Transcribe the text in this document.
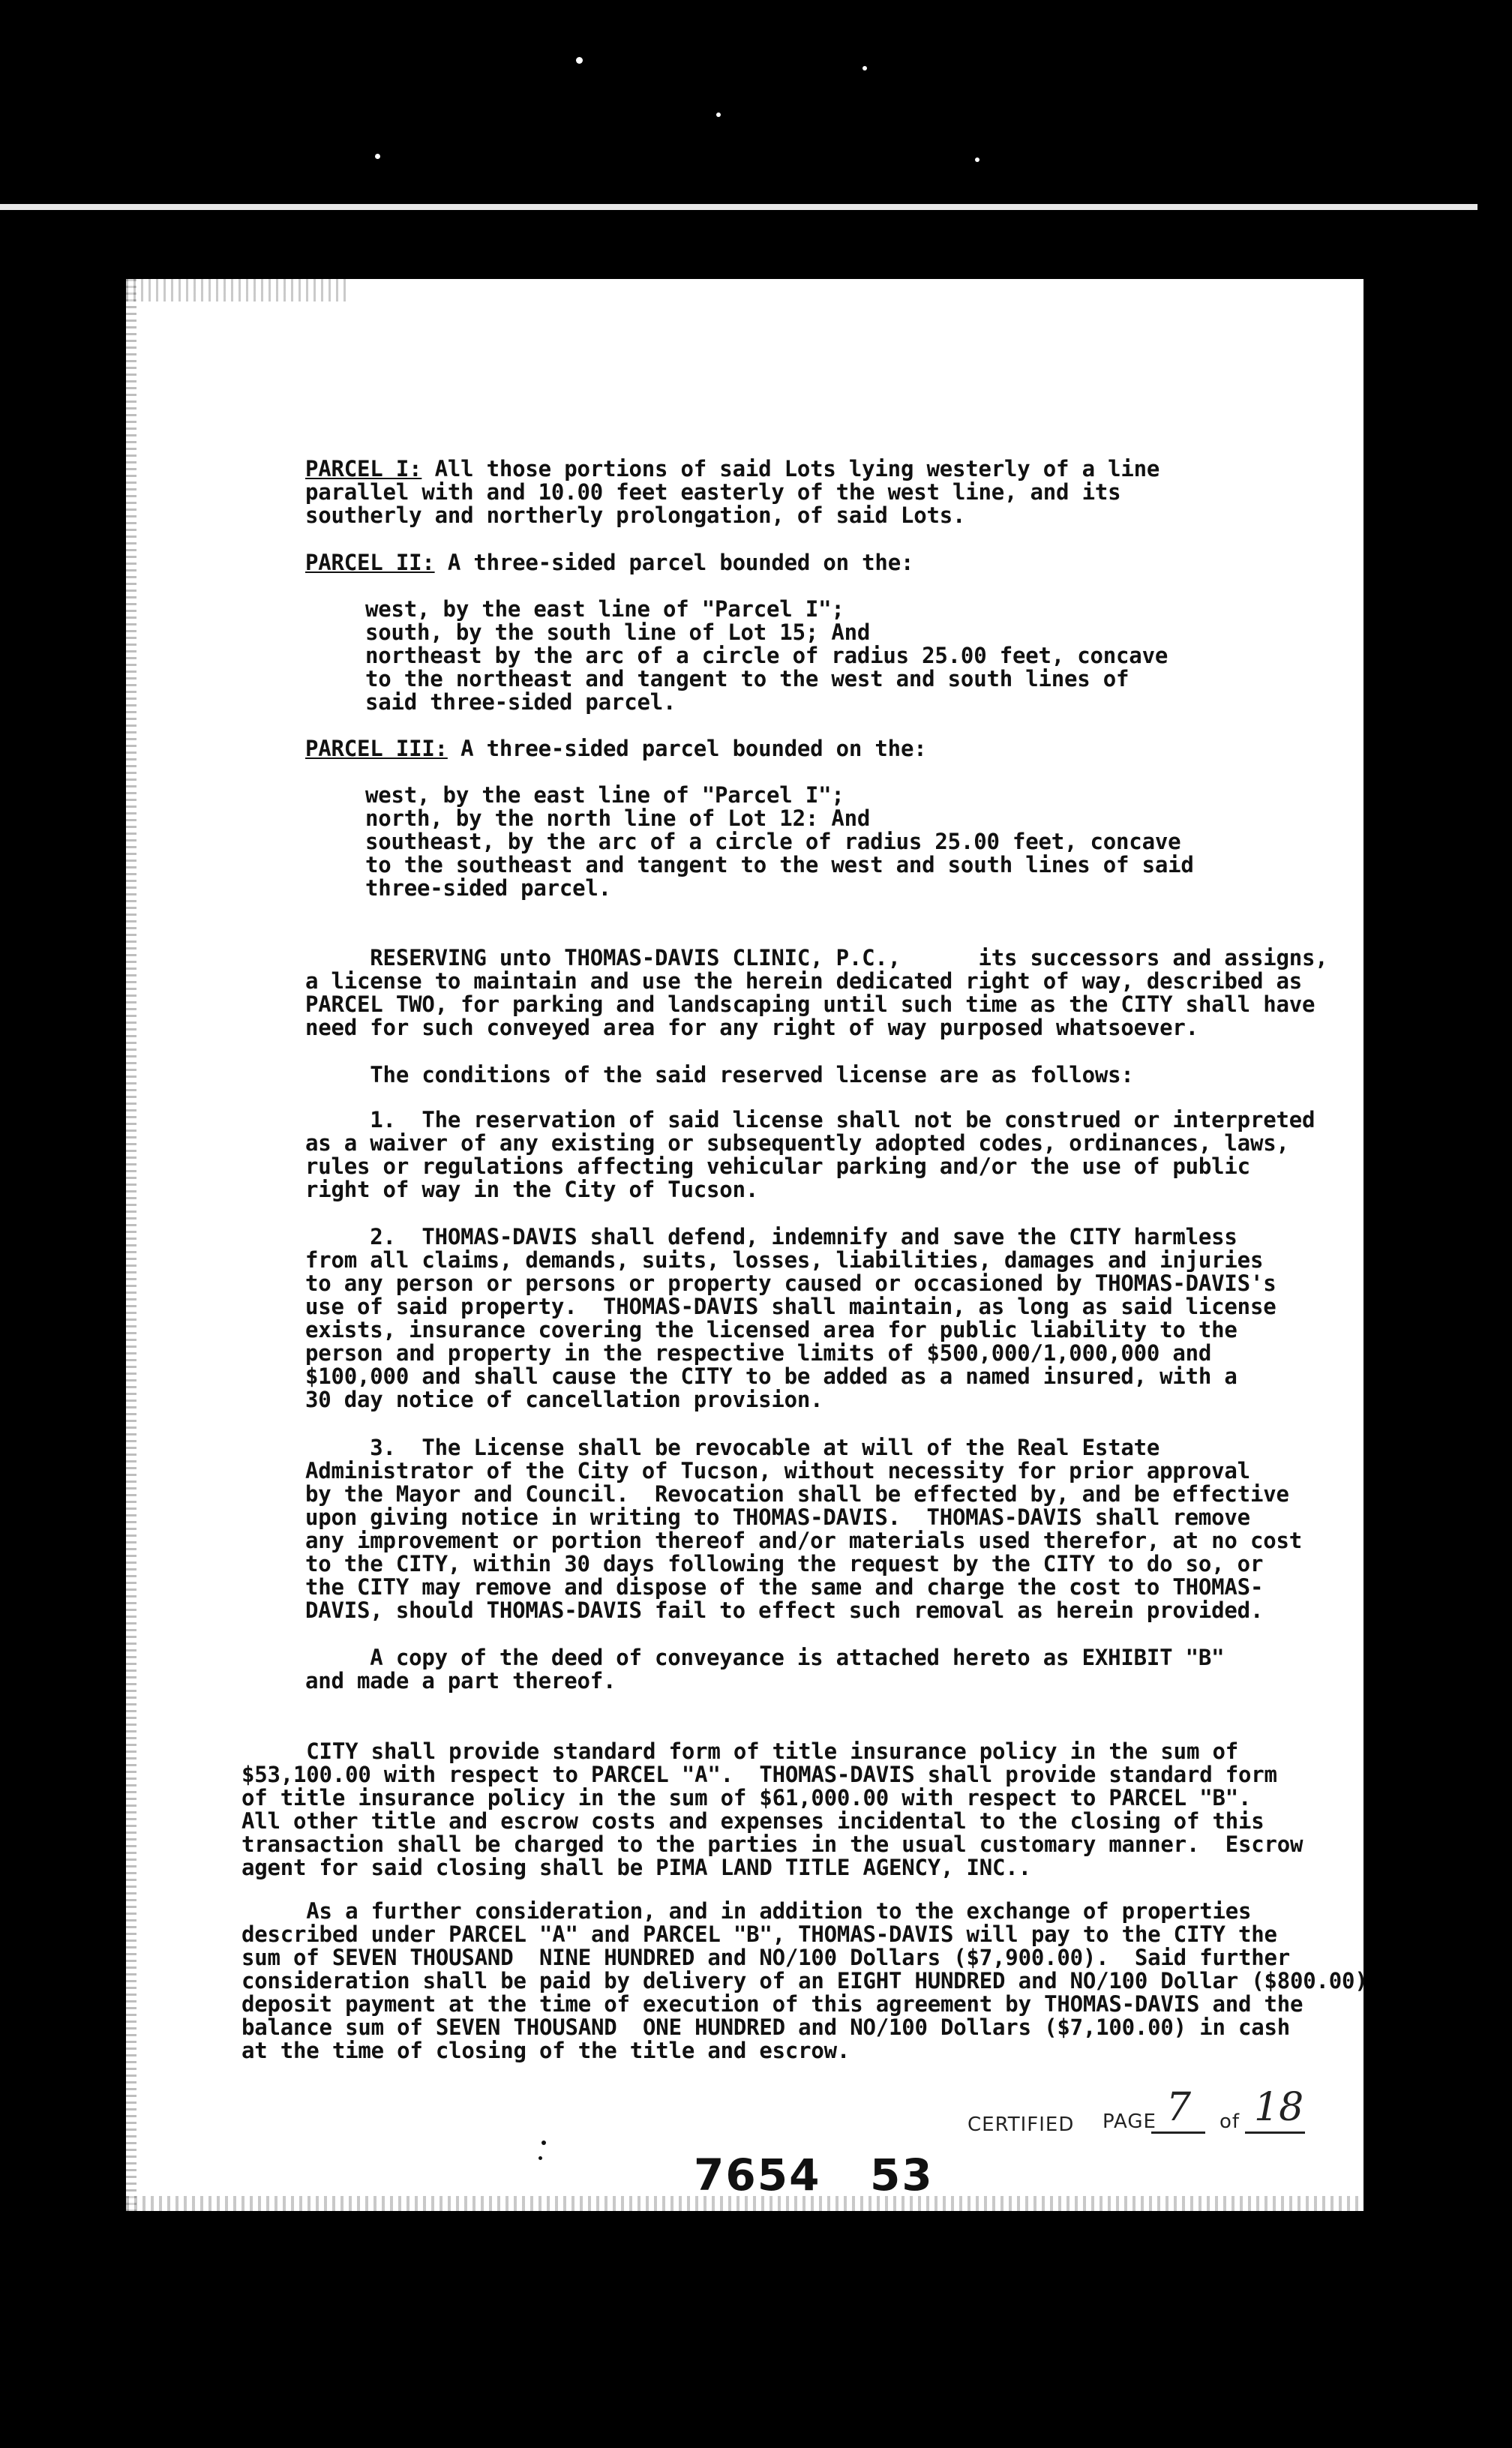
PARCEL I: All those portions of said Lots lying westerly of a line
parallel with and 10.00 feet easterly of the west line, and its
southerly and northerly prolongation, of said Lots.
PARCEL II: A three-sided parcel bounded on the:
west, by the east line of "Parcel I";
south, by the south line of Lot 15; And
northeast by the arc of a circle of radius 25.00 feet, concave
to the northeast and tangent to the west and south lines of
said three-sided parcel.
PARCEL III: A three-sided parcel bounded on the:
west, by the east line of "Parcel I";
north, by the north line of Lot 12: And
southeast, by the arc of a circle of radius 25.00 feet, concave
to the southeast and tangent to the west and south lines of said
three-sided parcel.
RESERVING unto THOMAS-DAVIS CLINIC, P.C.,      its successors and assigns,
a license to maintain and use the herein dedicated right of way, described as
PARCEL TWO, for parking and landscaping until such time as the CITY shall have
need for such conveyed area for any right of way purposed whatsoever.
The conditions of the said reserved license are as follows:
1.  The reservation of said license shall not be construed or interpreted
as a waiver of any existing or subsequently adopted codes, ordinances, laws,
rules or regulations affecting vehicular parking and/or the use of public
right of way in the City of Tucson.
2.  THOMAS-DAVIS shall defend, indemnify and save the CITY harmless
from all claims, demands, suits, losses, liabilities, damages and injuries
to any person or persons or property caused or occasioned by THOMAS-DAVIS's
use of said property.  THOMAS-DAVIS shall maintain, as long as said license
exists, insurance covering the licensed area for public liability to the
person and property in the respective limits of $500,000/1,000,000 and
$100,000 and shall cause the CITY to be added as a named insured, with a
30 day notice of cancellation provision.
3.  The License shall be revocable at will of the Real Estate
Administrator of the City of Tucson, without necessity for prior approval
by the Mayor and Council.  Revocation shall be effected by, and be effective
upon giving notice in writing to THOMAS-DAVIS.  THOMAS-DAVIS shall remove
any improvement or portion thereof and/or materials used therefor, at no cost
to the CITY, within 30 days following the request by the CITY to do so, or
the CITY may remove and dispose of the same and charge the cost to THOMAS-
DAVIS, should THOMAS-DAVIS fail to effect such removal as herein provided.
A copy of the deed of conveyance is attached hereto as EXHIBIT "B"
and made a part thereof.
CITY shall provide standard form of title insurance policy in the sum of
$53,100.00 with respect to PARCEL "A".  THOMAS-DAVIS shall provide standard form
of title insurance policy in the sum of $61,000.00 with respect to PARCEL "B".
All other title and escrow costs and expenses incidental to the closing of this
transaction shall be charged to the parties in the usual customary manner.  Escrow
agent for said closing shall be PIMA LAND TITLE AGENCY, INC..
As a further consideration, and in addition to the exchange of properties
described under PARCEL "A" and PARCEL "B", THOMAS-DAVIS will pay to the CITY the
sum of SEVEN THOUSAND  NINE HUNDRED and NO/100 Dollars ($7,900.00).  Said further
consideration shall be paid by delivery of an EIGHT HUNDRED and NO/100 Dollar ($800.00)
deposit payment at the time of execution of this agreement by THOMAS-DAVIS and the
balance sum of SEVEN THOUSAND  ONE HUNDRED and NO/100 Dollars ($7,100.00) in cash
at the time of closing of the title and escrow.
CERTIFIED PAGE 7 of 18
7654 53
